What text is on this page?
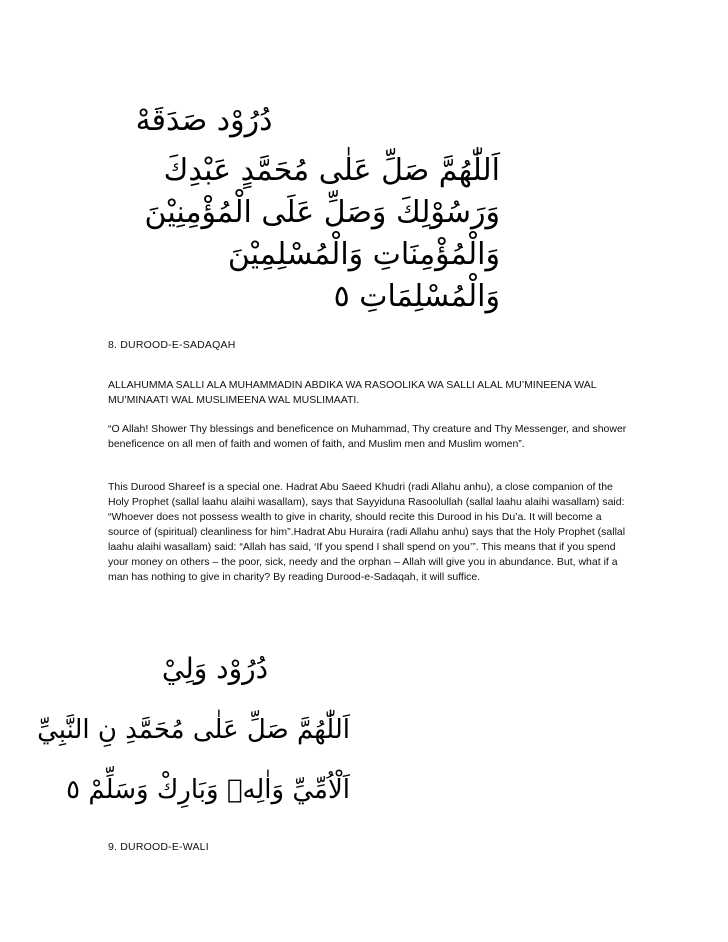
دُرُوْد صَدَقَهْ
اَللّٰهُمَّ صَلِّ عَلٰى مُحَمَّدٍ عَبْدِكَ
وَرَسُوْلِكَ وَصَلِّ عَلَى الْمُؤْمِنِيْنَ
وَالْمُؤْمِنَاتِ وَالْمُسْلِمِيْنَ
وَالْمُسْلِمَاتِ ٥
8. DUROOD-E-SADAQAH
ALLAHUMMA SALLI ALA MUHAMMADIN ABDIKA WA RASOOLIKA WA SALLI ALAL MU’MINEENA WAL MU’MINAATI WAL MUSLIMEENA WAL MUSLIMAATI.
“O Allah! Shower Thy blessings and beneficence on Muhammad, Thy creature and Thy Messenger, and shower beneficence on all men of faith and women of faith, and Muslim men and Muslim women”.
This Durood Shareef is a special one. Hadrat Abu Saeed Khudri (radi Allahu anhu), a close companion of the Holy Prophet (sallal laahu alaihi wasallam), says that Sayyiduna Rasoolullah (sallal laahu alaihi wasallam) said: “Whoever does not possess wealth to give in charity, should recite this Durood in his Du’a. It will become a source of (spiritual) cleanliness for him”.Hadrat Abu Huraira (radi Allahu anhu) says that the Holy Prophet (sallal laahu alaihi wasallam) said: “Allah has said, ‘If you spend I shall spend on you’”. This means that if you spend your money on others – the poor, sick, needy and the orphan – Allah will give you in abundance. But, what if a man has nothing to give in charity? By reading Durood-e-Sadaqah, it will suffice.
دُرُوْد وَلِيْ
اَللّٰهُمَّ صَلِّ عَلٰى مُحَمَّدِ نِ النَّبِيِّ
اَلْاُمِّيِّ وَاٰلِهٖ وَبَارِكْ وَسَلِّمْ ٥
9. DUROOD-E-WALI
